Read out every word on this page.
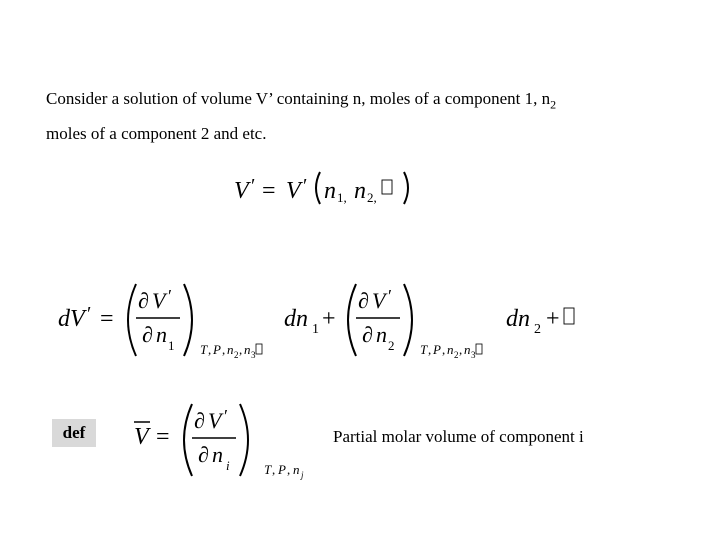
Consider a solution of volume V’ containing n, moles of a component 1, $n_2$
moles of a component 2 and etc.
V ′ = V ′ n 1, n 2,
dV ′ =
∂ V ′
∂ n 1 T , P , n 2 , n 3
dn 1 +
∂ V ′
∂ n 2 T , P , n 2 , n 3
dn 2 +
def	V =
∂ V ′
∂ n i	T , P , n j
Partial molar volume of component i
